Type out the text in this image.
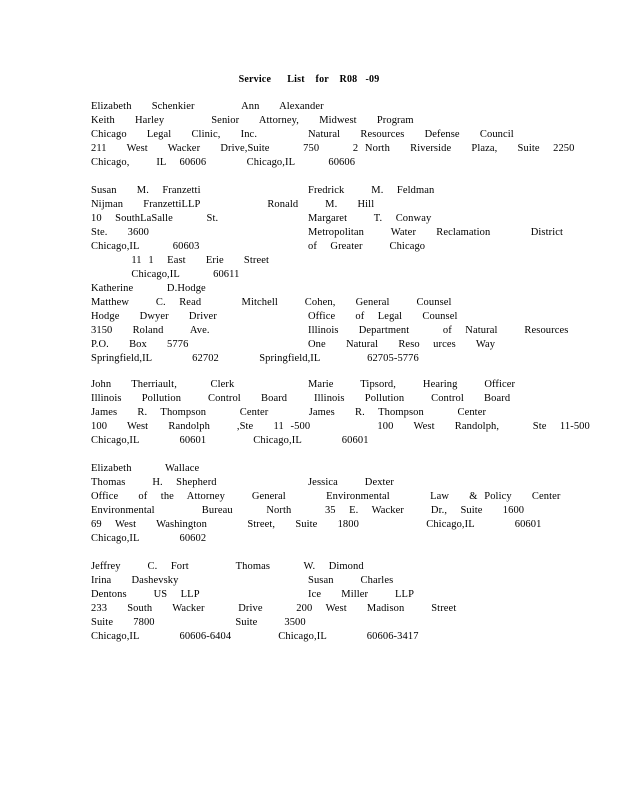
Service      List    for    R08   -09
Elizabeth   Schenkier       Ann   Alexander
Keith   Harley       Senior   Attorney,   Midwest   Program
Chicago   Legal   Clinic,   Inc.
211   West   Wacker   Drive,Suite     750     2 North   Riverside   Plaza,   Suite  2250
Chicago,    IL  60606      Chicago,IL     60606
Natural   Resources   Defense   Council
Susan   M.  Franzetti
Nijman   FranzettiLLP          Ronald    M.   Hill
10  SouthLaSalle     St.
Ste.   3600
Chicago,IL     60603
11 1  East   Erie   Street
Chicago,IL     60611
Katherine     D.Hodge
Matthew    C.  Read      Mitchell    Cohen,   General    Counsel
Hodge   Dwyer   Driver
3150   Roland    Ave.
P.O.   Box   5776
Springfield,IL      62702      Springfield,IL       62705-5776
Fredrick    M.  Feldman
Margaret    T.  Conway
Metropolitan    Water   Reclamation      District
of  Greater    Chicago
Office   of  Legal   Counsel
Illinois   Department     of  Natural    Resources
One   Natural   Reso  urces   Way
John   Therriault,     Clerk
Illinois   Pollution    Control   Board    Illinois   Pollution    Control   Board
James   R.  Thompson     Center      James   R.  Thompson     Center
100   West   Randolph    ,Ste   11 -500          100   West   Randolph,     Ste  11-500
Chicago,IL      60601       Chicago,IL      60601
Marie    Tipsord,    Hearing    Officer
Elizabeth     Wallace
Thomas    H.  Shepherd
Office   of  the  Attorney    General      Environmental      Law   & Policy   Center
Environmental       Bureau     North     35  E.  Wacker    Dr.,  Suite   1600
69  West   Washington      Street,   Suite   1800          Chicago,IL      60601
Chicago,IL      60602
Jessica    Dexter
Jeffrey    C.  Fort       Thomas     W.  Dimond
Irina   Dashevsky
Dentons    US  LLP
233   South   Wacker     Drive     200  West   Madison    Street
Suite   7800            Suite    3500
Chicago,IL      60606-6404       Chicago,IL      60606-3417
Susan    Charles
Ice   Miller    LLP
